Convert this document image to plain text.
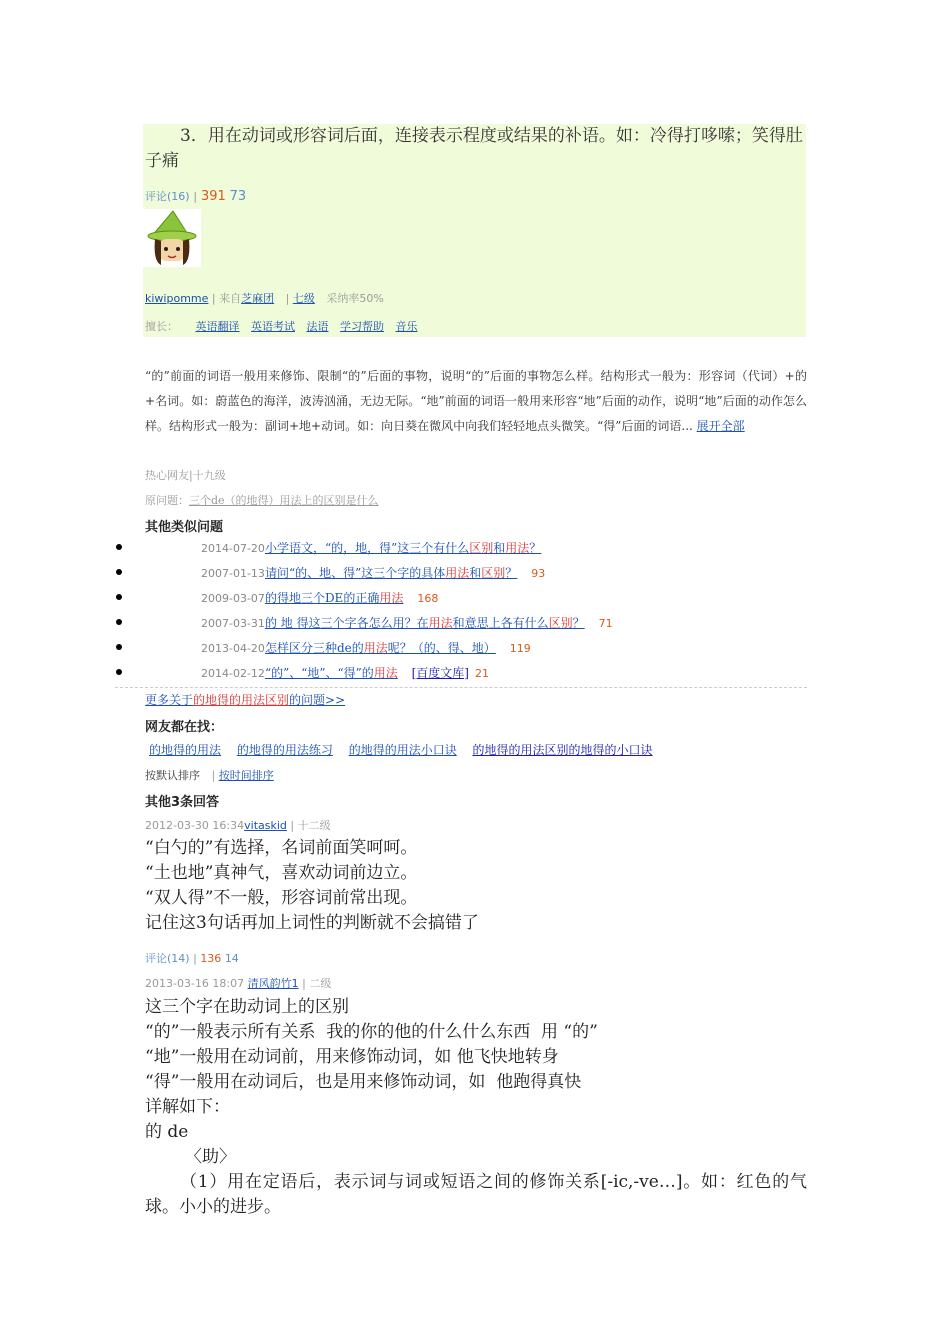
3．用在动词或形容词后面，连接表示程度或结果的补语。如：冷得打哆嗦；笑得肚子痛
评论(16) | 391 73
kiwipomme | 来自芝麻团 | 七级 采纳率50%
擅长： 英语翻译 英语考试 法语 学习帮助 音乐
“的”前面的词语一般用来修饰、限制“的”后面的事物，说明“的”后面的事物怎么样。结构形式一般为：形容词（代词）+的+名词。如：蔚蓝色的海洋，波涛汹涌，无边无际。“地”前面的词语一般用来形容“地”后面的动作，说明“地”后面的动作怎么样。结构形式一般为：副词+地+动词。如：向日葵在微风中向我们轻轻地点头微笑。“得”后面的词语... 展开全部
热心网友|十九级
原问题：三个de（的地得）用法上的区别是什么
其他类似问题
2014-07-20小学语文，“的，地，得”这三个有什么区别和用法？
2007-01-13请问“的、地、得”这三个字的具体用法和区别？ 93
2009-03-07的得地三个DE的正确用法 168
2007-03-31的 地 得这三个字各怎么用？在用法和意思上各有什么区别？ 71
2013-04-20怎样区分三种de的用法呢？（的、得、地） 119
2014-02-12“的”、“地”、“得”的用法 [百度文库] 21
更多关于的地得的用法区别的问题>>
网友都在找：
的地得的用法 的地得的用法练习 的地得的用法小口诀 的地得的用法区别的地得的小口诀
按默认排序 | 按时间排序
其他3条回答
2012-03-30 16:34vitaskid | 十二级
“白勺的”有选择，名词前面笑呵呵。
“土也地”真神气，喜欢动词前边立。
“双人得”不一般，形容词前常出现。
记住这3句话再加上词性的判断就不会搞错了
评论(14) | 136 14
2013-03-16 18:07 清风韵竹1 | 二级
这三个字在助动词上的区别
“的”一般表示所有关系  我的你的他的什么什么东西  用 “的”
“地”一般用在动词前，用来修饰动词，如 他飞快地转身
“得”一般用在动词后，也是用来修饰动词，如  他跑得真快
详解如下：
的 de
〈助〉
（1）用在定语后，表示词与词或短语之间的修饰关系[-ic,-ve…]。如：红色的气球。小小的进步。
